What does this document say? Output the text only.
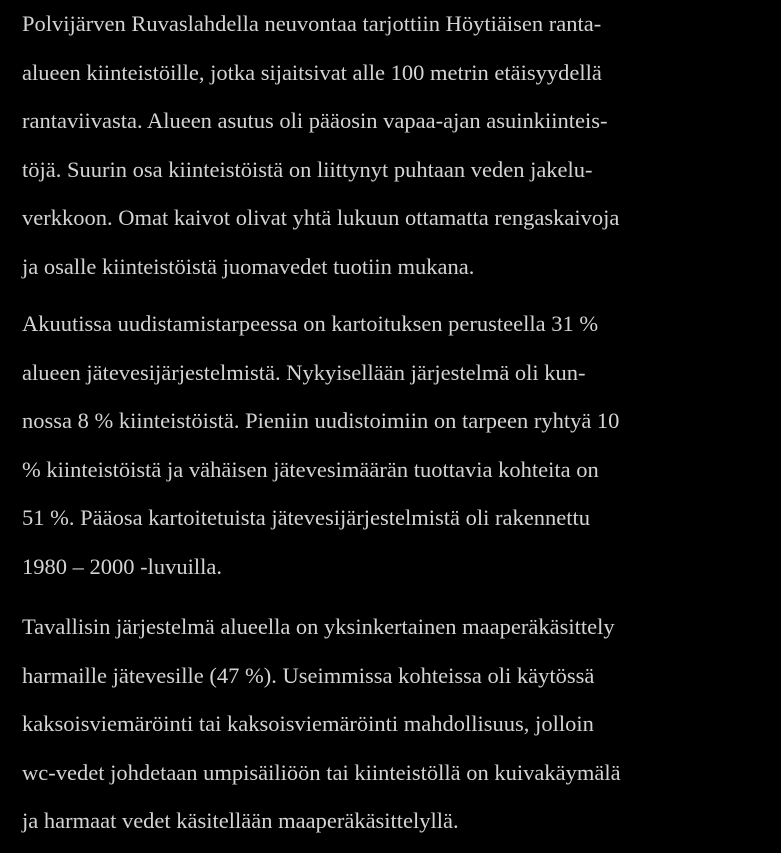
Polvijärven Ruvaslahdella neuvontaa tarjottiin Höytiäisen ranta-
alueen kiinteistöille, jotka sijaitsivat alle 100 metrin etäisyydellä
rantaviivasta. Alueen asutus oli pääosin vapaa-ajan asuinkiinteis-
töjä. Suurin osa kiinteistöistä on liittynyt puhtaan veden jakelu-
verkkoon. Omat kaivot olivat yhtä lukuun ottamatta rengaskaivoja
ja osalle kiinteistöistä juomavedet tuotiin mukana.

Akuutissa uudistamistarpeessa on kartoituksen perusteella 31 %
alueen jätevesijärjestelmistä. Nykyisellään järjestelmä oli kun-
nossa 8 % kiinteistöistä. Pieniin uudistoimiin on tarpeen ryhtyä 10
% kiinteistöistä ja vähäisen jätevesimäärän tuottavia kohteita on
51 %. Pääosa kartoitetuista jätevesijärjestelmistä oli rakennettu
1980 – 2000 -luvuilla.

Tavallisin järjestelmä alueella on yksinkertainen maaperäkäsittely
harmaille jätevesille (47 %). Useimmissa kohteissa oli käytössä
kaksoisviemäröinti tai kaksoisviemäröinti mahdollisuus, jolloin
wc-vedet johdetaan umpisäiliöön tai kiinteistöllä on kuivakäymälä
ja harmaat vedet käsitellään maaperäkäsittelyllä.
